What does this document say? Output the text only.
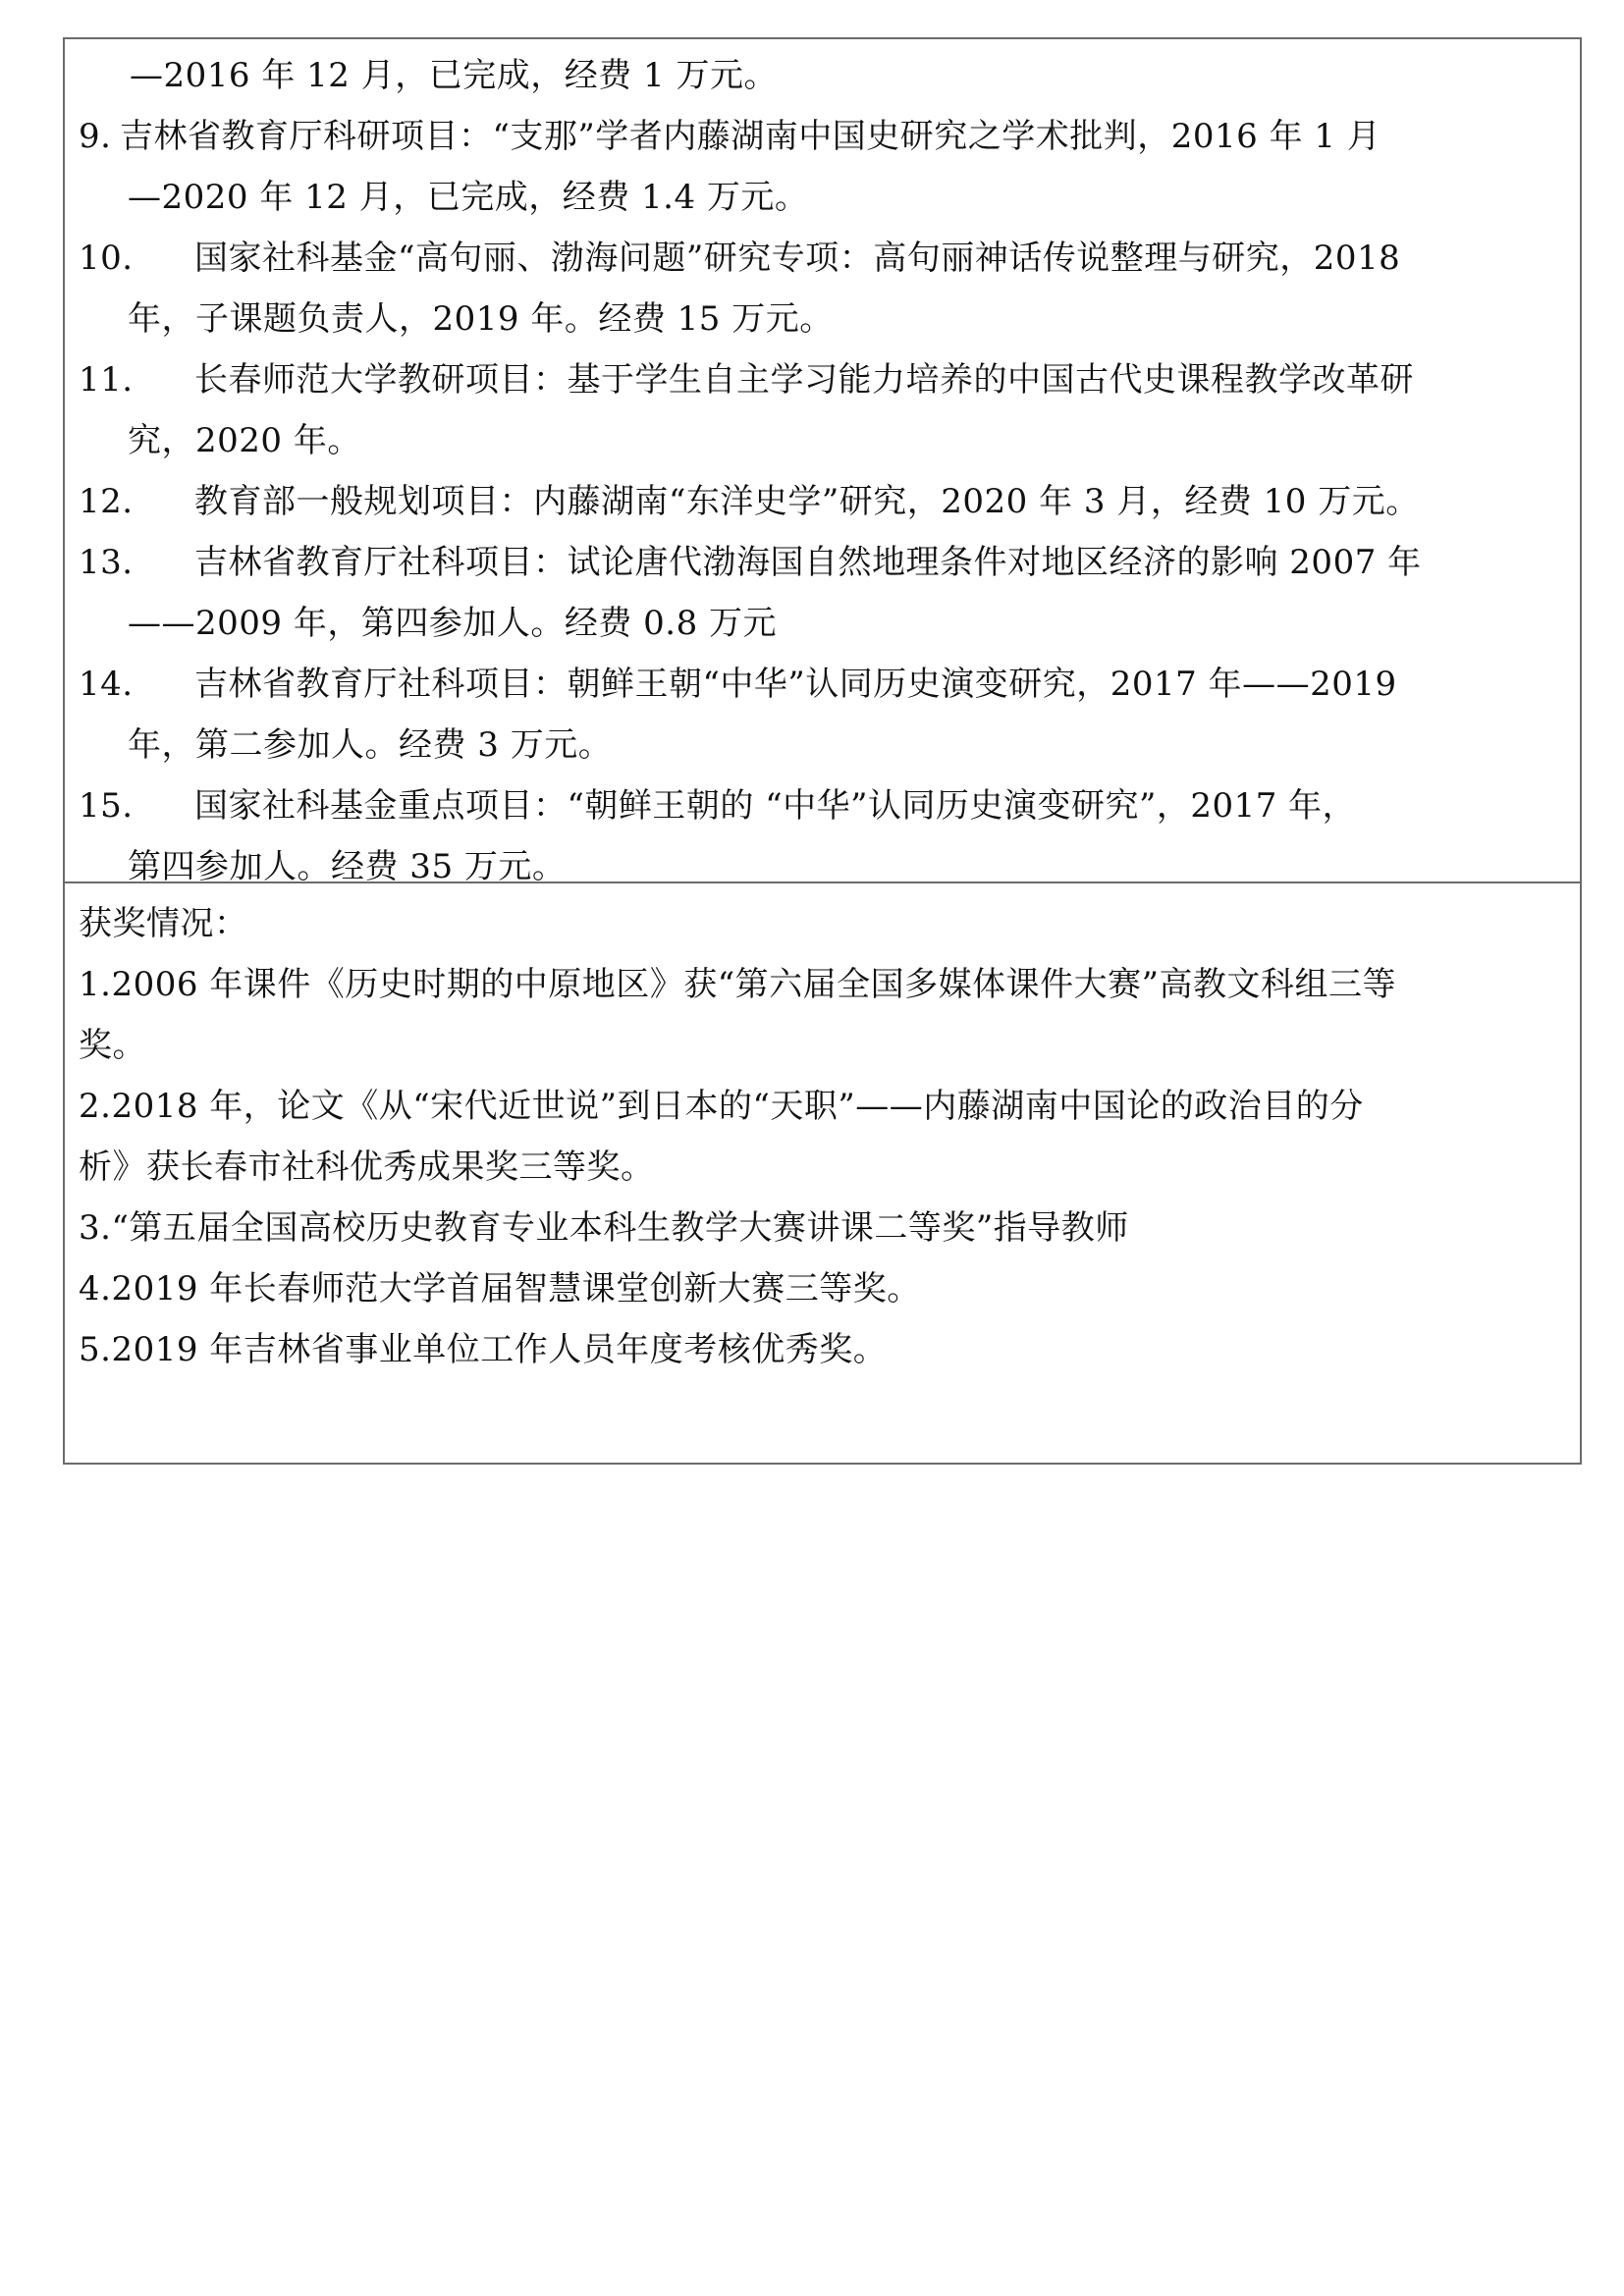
—2016 年 12 月，已完成，经费 1 万元。
9. 吉林省教育厅科研项目：“支那”学者内藤湖南中国史研究之学术批判，2016 年 1 月
—2020 年 12 月，已完成，经费 1.4 万元。
10. 国家社科基金“高句丽、渤海问题”研究专项：高句丽神话传说整理与研究，2018
年，子课题负责人，2019 年。经费 15 万元。
11. 长春师范大学教研项目：基于学生自主学习能力培养的中国古代史课程教学改革研
究，2020 年。
12. 教育部一般规划项目：内藤湖南“东洋史学”研究，2020 年 3 月，经费 10 万元。
13. 吉林省教育厅社科项目：试论唐代渤海国自然地理条件对地区经济的影响 2007 年
——2009 年，第四参加人。经费 0.8 万元
14. 吉林省教育厅社科项目：朝鲜王朝“中华”认同历史演变研究，2017 年——2019
年，第二参加人。经费 3 万元。
15. 国家社科基金重点项目：“朝鲜王朝的 “中华”认同历史演变研究”，2017 年，
第四参加人。经费 35 万元。
获奖情况：
1.2006 年课件《历史时期的中原地区》获“第六届全国多媒体课件大赛”高教文科组三等
奖。
2.2018 年，论文《从“宋代近世说”到日本的“天职”——内藤湖南中国论的政治目的分
析》获长春市社科优秀成果奖三等奖。
3.“第五届全国高校历史教育专业本科生教学大赛讲课二等奖”指导教师
4.2019 年长春师范大学首届智慧课堂创新大赛三等奖。
5.2019 年吉林省事业单位工作人员年度考核优秀奖。
